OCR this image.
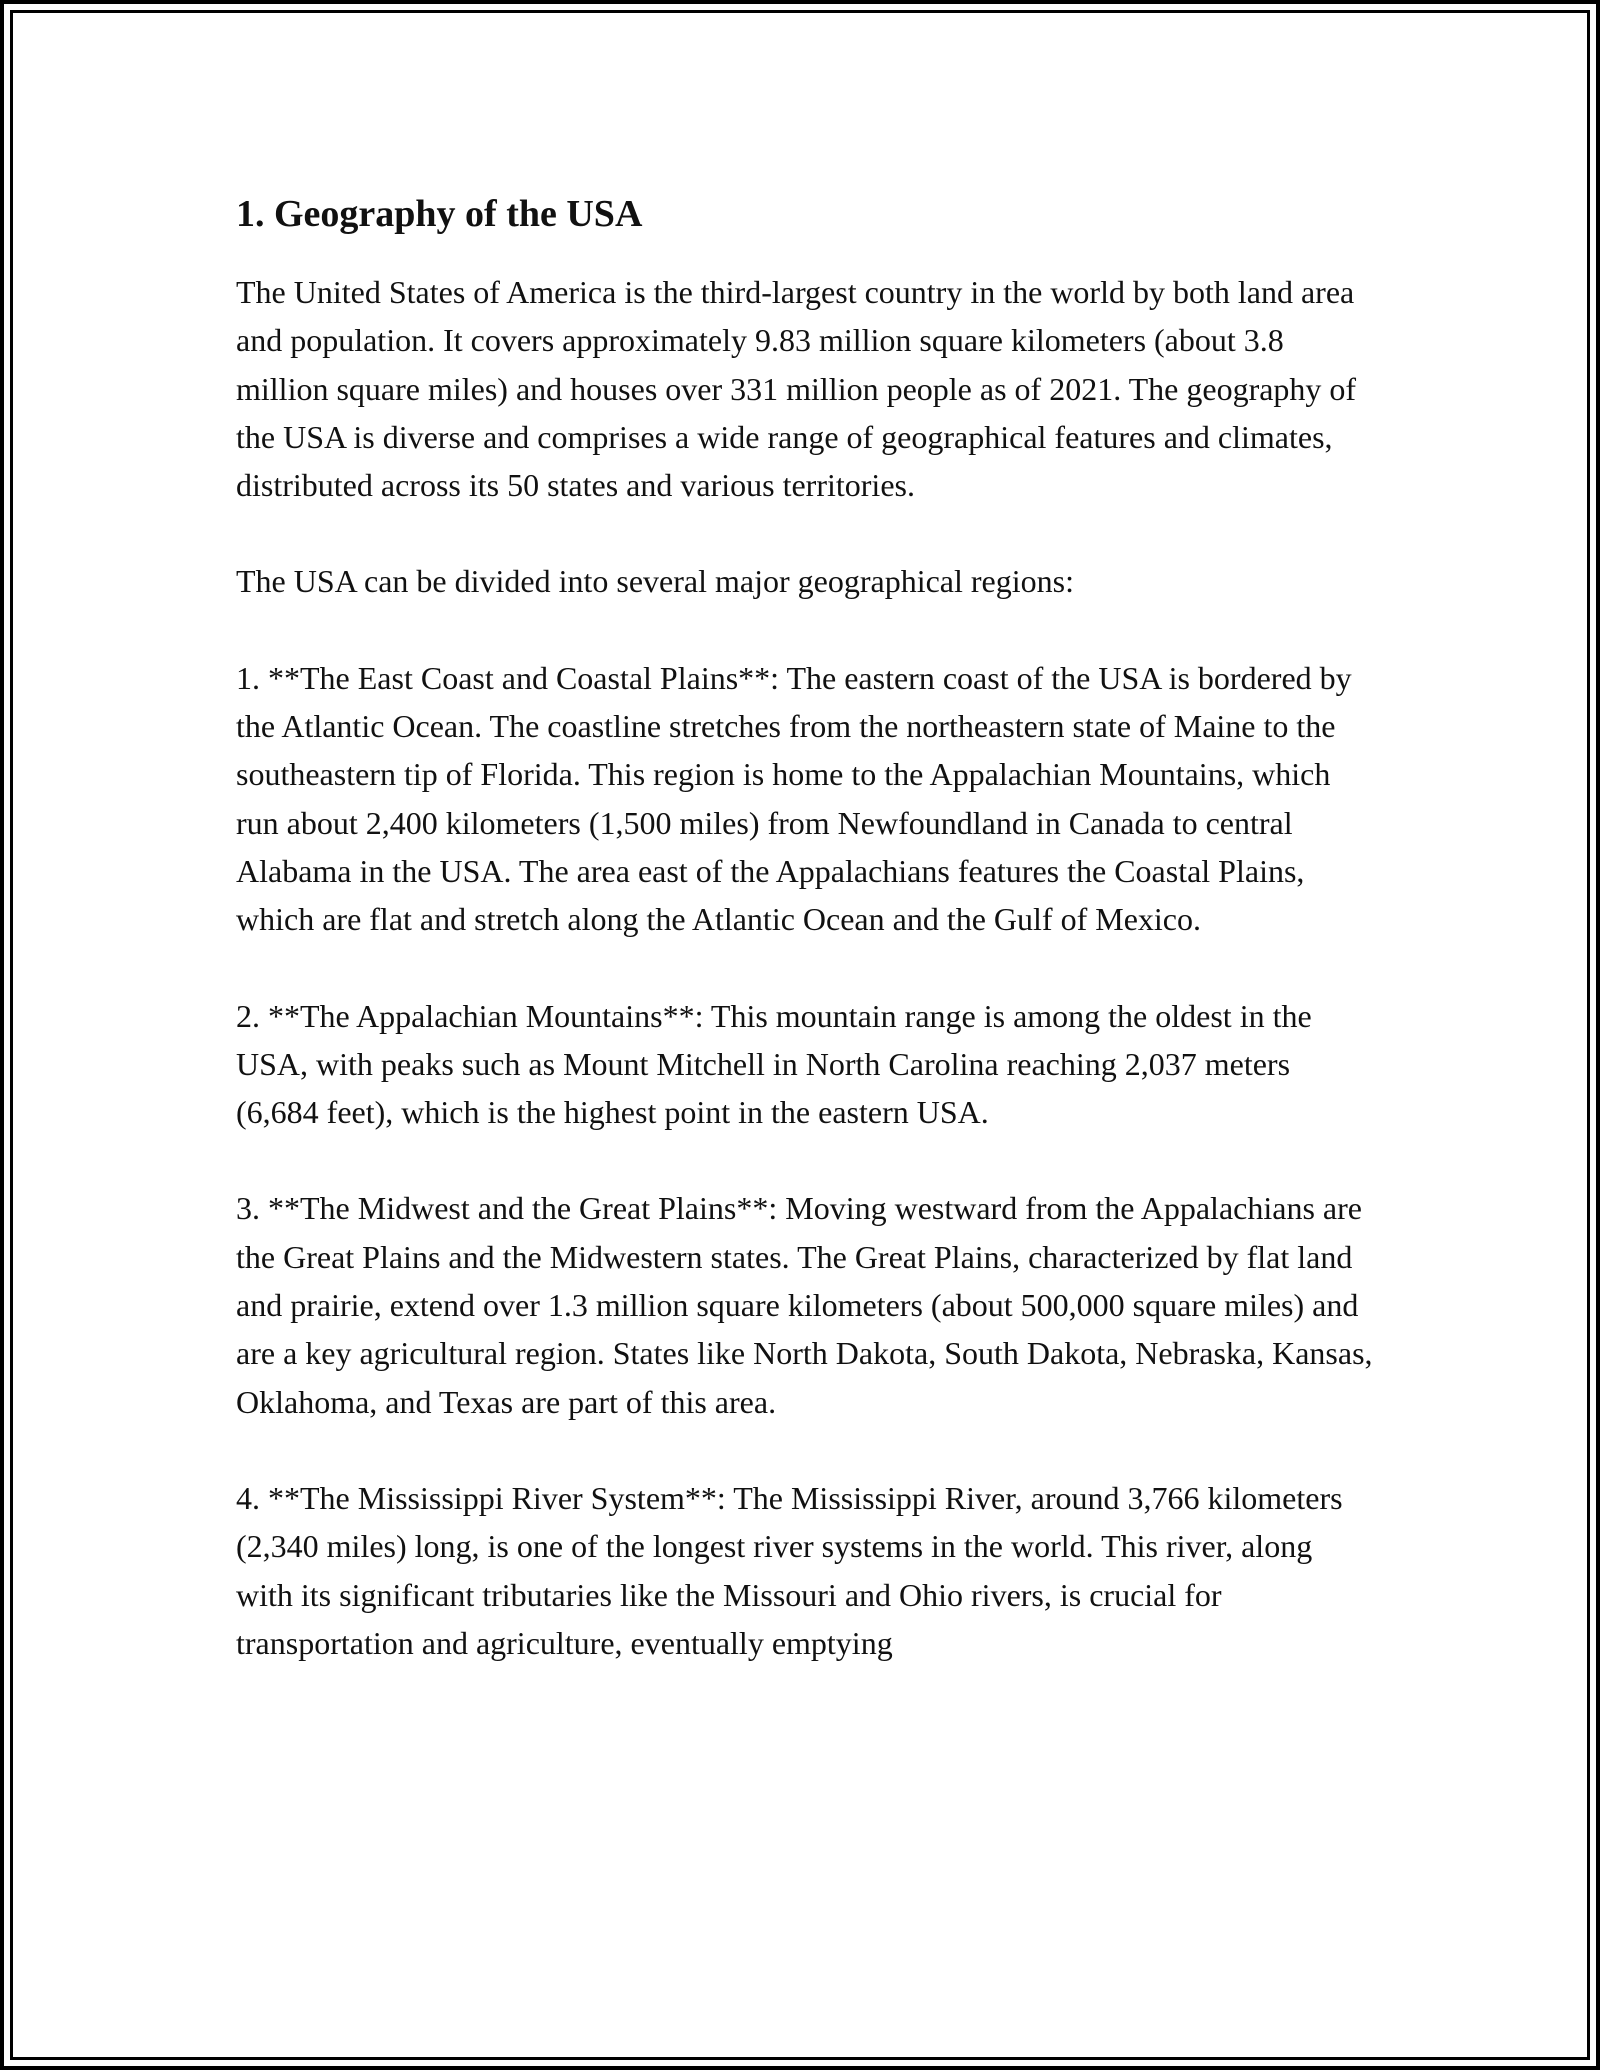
1. Geography of the USA

The United States of America is the third-largest country in the world by both land area and population. It covers approximately 9.83 million square kilometers (about 3.8 million square miles) and houses over 331 million people as of 2021. The geography of the USA is diverse and comprises a wide range of geographical features and climates, distributed across its 50 states and various territories.

The USA can be divided into several major geographical regions:

1. **The East Coast and Coastal Plains**: The eastern coast of the USA is bordered by the Atlantic Ocean. The coastline stretches from the northeastern state of Maine to the southeastern tip of Florida. This region is home to the Appalachian Mountains, which run about 2,400 kilometers (1,500 miles) from Newfoundland in Canada to central Alabama in the USA. The area east of the Appalachians features the Coastal Plains, which are flat and stretch along the Atlantic Ocean and the Gulf of Mexico.

2. **The Appalachian Mountains**: This mountain range is among the oldest in the USA, with peaks such as Mount Mitchell in North Carolina reaching 2,037 meters (6,684 feet), which is the highest point in the eastern USA.

3. **The Midwest and the Great Plains**: Moving westward from the Appalachians are the Great Plains and the Midwestern states. The Great Plains, characterized by flat land and prairie, extend over 1.3 million square kilometers (about 500,000 square miles) and are a key agricultural region. States like North Dakota, South Dakota, Nebraska, Kansas, Oklahoma, and Texas are part of this area.

4. **The Mississippi River System**: The Mississippi River, around 3,766 kilometers (2,340 miles) long, is one of the longest river systems in the world. This river, along with its significant tributaries like the Missouri and Ohio rivers, is crucial for transportation and agriculture, eventually emptying
